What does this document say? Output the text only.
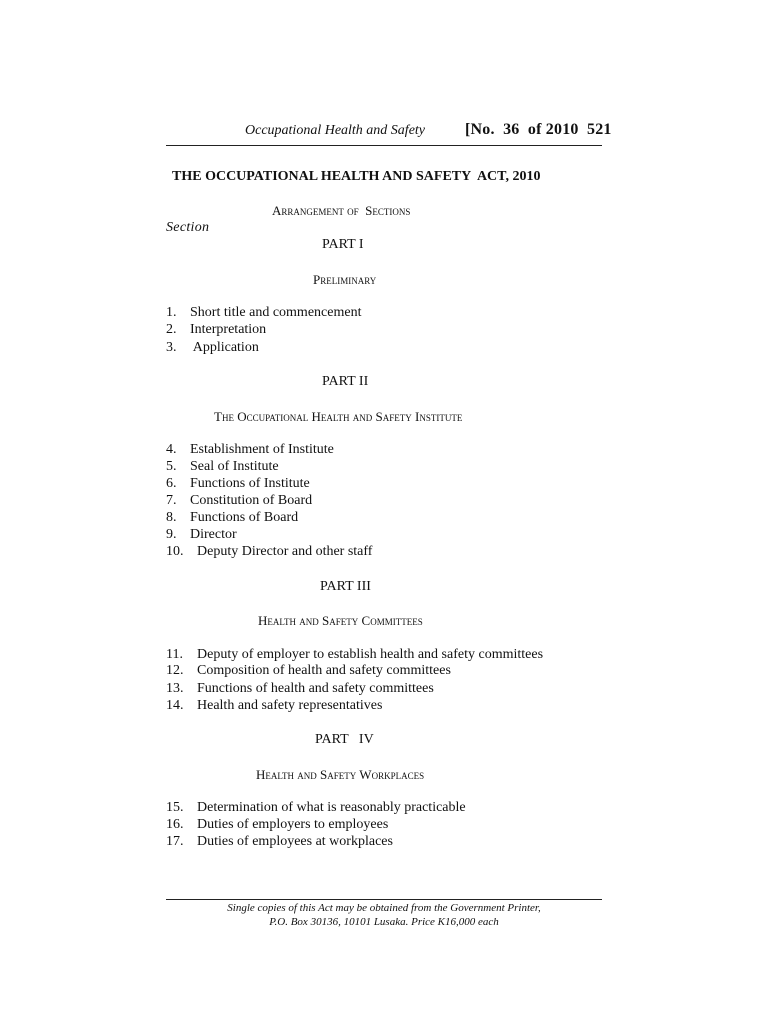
Occupational Health and Safety [No.  36  of 2010  521
THE OCCUPATIONAL HEALTH AND SAFETY  ACT, 2010
Arrangement of  Sections
Section
PART I
Preliminary
1. Short title and commencement
2. Interpretation
3. Application
PART II
The Occupational Health and Safety Institute
4. Establishment of Institute
5. Seal of Institute
6. Functions of Institute
7. Constitution of Board
8. Functions of Board
9. Director
10. Deputy Director and other staff
PART III
Health and Safety Committees
11. Deputy of employer to establish health and safety committees
12. Composition of health and safety committees
13. Functions of health and safety committees
14. Health and safety representatives
PART   IV
Health and Safety Workplaces
15. Determination of what is reasonably practicable
16. Duties of employers to employees
17. Duties of employees at workplaces
Single copies of this Act may be obtained from the Government Printer,
P.O. Box 30136, 10101 Lusaka. Price K16,000 each
